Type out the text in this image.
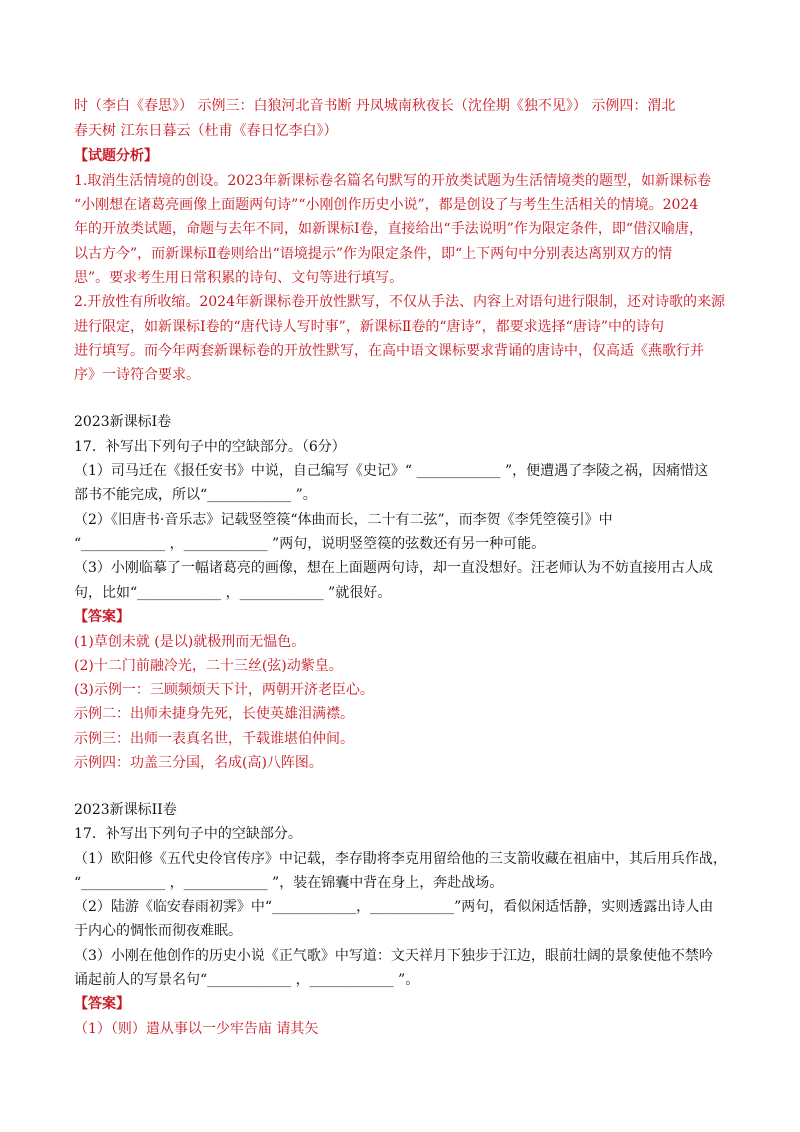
时（李白《春思》） 示例三：白狼河北音书断 丹凤城南秋夜长（沈佺期《独不见》） 示例四：渭北
春天树 江东日暮云（杜甫《春日忆李白》）
【试题分析】
1.取消生活情境的创设。2023年新课标卷名篇名句默写的开放类试题为生活情境类的题型，如新课标卷
“小刚想在诸葛亮画像上面题两句诗”“小刚创作历史小说”，都是创设了与考生生活相关的情境。2024
年的开放类试题，命题与去年不同，如新课标Ⅰ卷，直接给出“手法说明”作为限定条件，即“借汉喻唐，
以古方今”，而新课标Ⅱ卷则给出“语境提示”作为限定条件，即“上下两句中分别表达离别双方的情
思”。要求考生用日常积累的诗句、文句等进行填写。
2.开放性有所收缩。2024年新课标卷开放性默写，不仅从手法、内容上对语句进行限制，还对诗歌的来源
进行限定，如新课标Ⅰ卷的“唐代诗人写时事”，新课标Ⅱ卷的“唐诗”，都要求选择“唐诗”中的诗句
进行填写。而今年两套新课标卷的开放性默写，在高中语文课标要求背诵的唐诗中，仅高适《燕歌行并
序》一诗符合要求。
2023新课标Ⅰ卷
17．补写出下列句子中的空缺部分。（6分）
（1）司马迁在《报任安书》中说，自己编写《史记》“ ____________ ”，便遭遇了李陵之祸，因痛惜这
部书不能完成，所以“____________ ”。
（2）《旧唐书·音乐志》记载竖箜篌“体曲而长，二十有二弦”，而李贺《李凭箜篌引》中
“____________ ，____________ ”两句，说明竖箜篌的弦数还有另一种可能。
（3）小刚临摹了一幅诸葛亮的画像，想在上面题两句诗，却一直没想好。汪老师认为不妨直接用古人成
句，比如“____________ ，____________ ”就很好。
【答案】
(1)草创未就 (是以)就极刑而无愠色。
(2)十二门前融冷光，二十三丝(弦)动紫皇。
(3)示例一：三顾频烦天下计，两朝开济老臣心。
示例二：出师未捷身先死，长使英雄泪满襟。
示例三：出师一表真名世，千载谁堪伯仲间。
示例四：功盖三分国，名成(高)八阵图。
2023新课标II卷
17．补写出下列句子中的空缺部分。
（1）欧阳修《五代史伶官传序》中记载，李存勖将李克用留给他的三支箭收藏在祖庙中，其后用兵作战，
“____________ ，____________ ”，装在锦囊中背在身上，奔赴战场。
（2）陆游《临安春雨初霁》中“____________，____________”两句，看似闲适恬静，实则透露出诗人由
于内心的惆怅而彻夜难眠。
（3）小刚在他创作的历史小说《正气歌》中写道：文天祥月下独步于江边，眼前壮阔的景象使他不禁吟
诵起前人的写景名句“____________ ，____________ ”。
【答案】
（1）（则）遣从事以一少牢告庙 请其矢
